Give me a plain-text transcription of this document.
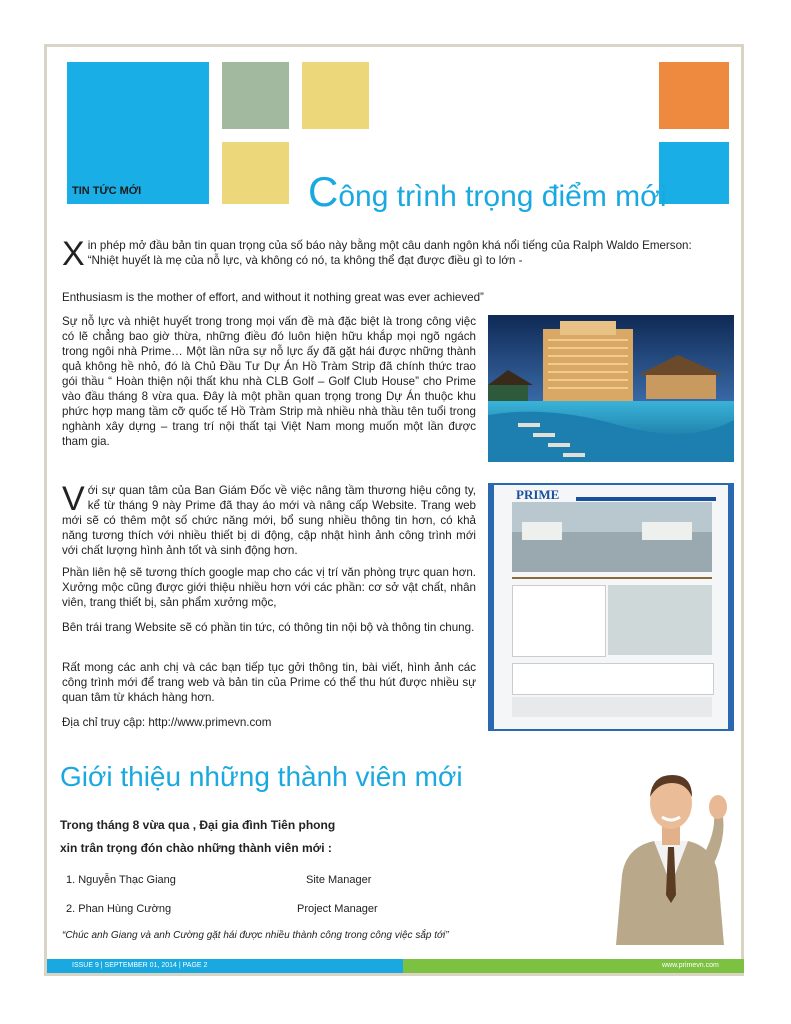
TIN TỨC MỚI	Công trình trọng điểm mới
X in phép mở đầu bản tin quan trọng của số báo này bằng một câu danh ngôn khá nổi tiếng của Ralph Waldo Emerson:
“Nhiệt huyết là mẹ của nỗ lực, và không có nó, ta không thể đạt được điều gì to lớn -
Enthusiasm is the mother of effort, and without it nothing great was ever achieved”
Sự nỗ lực và nhiệt huyết trong trong mọi vấn đề mà đặc biệt là trong công việc có lẽ chẳng bao giờ thừa, những điều đó luôn hiện hữu khắp mọi ngõ ngách trong ngôi nhà Prime… Một lần nữa sự nỗ lực ấy đã gặt hái được những thành quả không hề nhỏ, đó là Chủ Đầu Tư Dự Án Hồ Tràm Strip đã chính thức trao gói thầu “ Hoàn thiện nội thất khu nhà CLB Golf – Golf Club House” cho Prime vào đầu tháng 8 vừa qua. Đây là một phần quan trọng trong Dự Án thuộc khu phức hợp mang tầm cỡ quốc tế Hồ Tràm Strip mà nhiều nhà thầu tên tuổi trong nghành xây dựng – trang trí nội thất tại Việt Nam mong muốn một lần được tham gia.
V ới sự quan tâm của Ban Giám Đốc về việc nâng tầm thương hiệu công ty, kể từ tháng 9 này Prime đã thay áo mới và nâng cấp Website. Trang web mới sẽ có thêm một số chức năng mới, bổ sung nhiều thông tin hơn, có khả năng tương thích với nhiều thiết bị di động, cập nhật hình ảnh công trình mới với chất lượng hình ảnh tốt và sinh động hơn.
Phần liên hệ sẽ tương thích google map cho các vị trí văn phòng trực quan hơn. Xưởng mộc cũng được giới thiệu nhiều hơn với các phần: cơ sở vật chất, nhân viên, trang thiết bị, sản phẩm xưởng mộc,
Bên trái trang Website sẽ có phần tin tức, có thông tin nội bộ và thông tin chung.
Rất mong các anh chị và các bạn tiếp tục gởi thông tin, bài viết, hình ảnh các công trình mới để trang web và bản tin của Prime có thể thu hút được nhiều sự quan tâm từ khách hàng hơn.
Địa chỉ truy cập: http://www.primevn.com
PRIME
Giới thiệu những thành viên mới
Trong tháng 8 vừa qua , Đại gia đình Tiên phong
xin trân trọng đón chào những thành viên mới :
1. Nguyễn Thạc Giang	Site Manager
2. Phan Hùng Cường	Project Manager
“Chúc anh Giang và anh Cường gặt hái được nhiều thành công trong công việc sắp tới”
ISSUE 9 | SEPTEMBER 01, 2014 | PAGE 2	www.primevn.com
